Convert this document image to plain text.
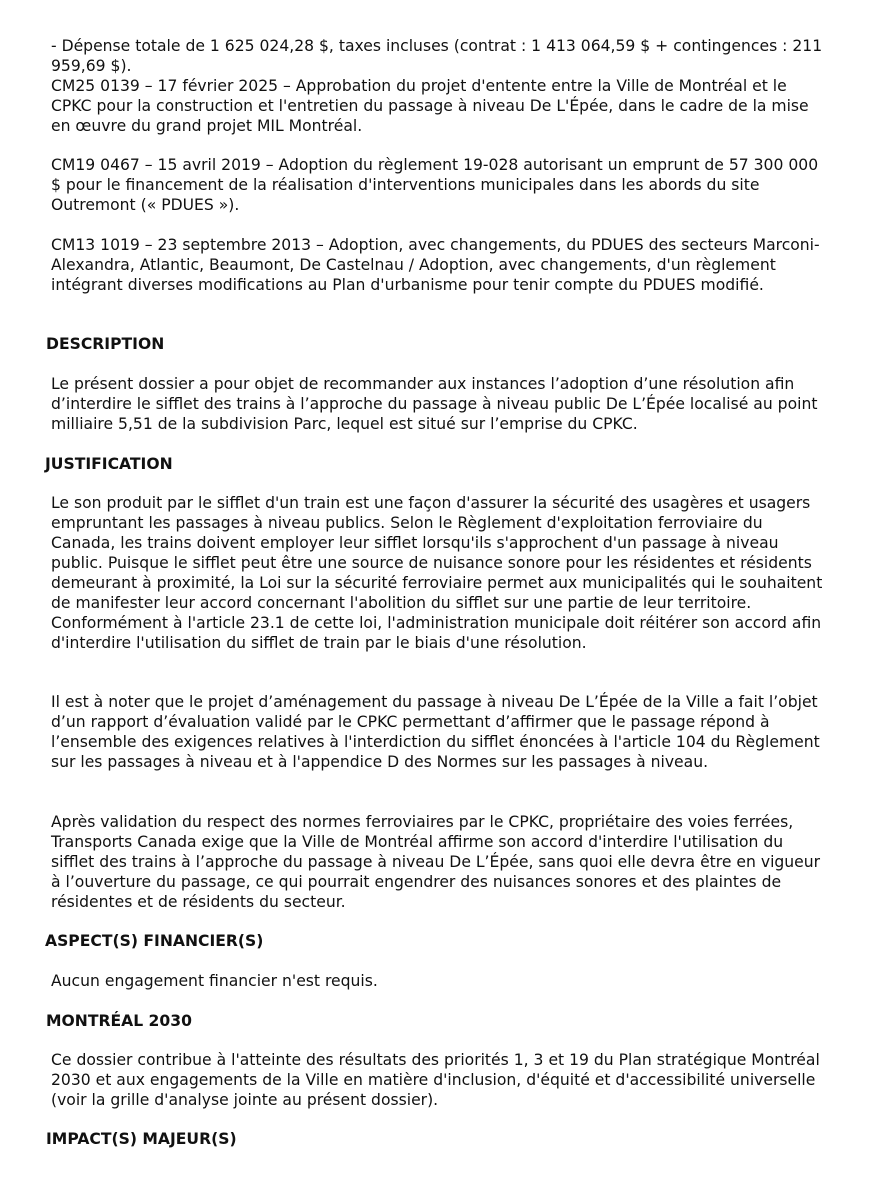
- Dépense totale de 1 625 024,28 $, taxes incluses (contrat : 1 413 064,59 $ + contingences : 211 959,69 $).

CM25 0139 – 17 février 2025 – Approbation du projet d'entente entre la Ville de Montréal et le CPKC pour la construction et l'entretien du passage à niveau De L'Épée, dans le cadre de la mise en œuvre du grand projet MIL Montréal.

CM19 0467 – 15 avril 2019 – Adoption du règlement 19-028 autorisant un emprunt de 57 300 000 $ pour le financement de la réalisation d'interventions municipales dans les abords du site Outremont (« PDUES »).

CM13 1019 – 23 septembre 2013 – Adoption, avec changements, du PDUES des secteurs Marconi-Alexandra, Atlantic, Beaumont, De Castelnau / Adoption, avec changements, d'un règlement intégrant diverses modifications au Plan d'urbanisme pour tenir compte du PDUES modifié.

DESCRIPTION

Le présent dossier a pour objet de recommander aux instances l’adoption d’une résolution afin d’interdire le sifflet des trains à l’approche du passage à niveau public De L’Épée localisé au point milliaire 5,51 de la subdivision Parc, lequel est situé sur l’emprise du CPKC.

JUSTIFICATION

Le son produit par le sifflet d'un train est une façon d'assurer la sécurité des usagères et usagers empruntant les passages à niveau publics. Selon le Règlement d'exploitation ferroviaire du Canada, les trains doivent employer leur sifflet lorsqu'ils s'approchent d'un passage à niveau public. Puisque le sifflet peut être une source de nuisance sonore pour les résidentes et résidents demeurant à proximité, la Loi sur la sécurité ferroviaire permet aux municipalités qui le souhaitent de manifester leur accord concernant l'abolition du sifflet sur une partie de leur territoire. Conformément à l'article 23.1 de cette loi, l'administration municipale doit réitérer son accord afin d'interdire l'utilisation du sifflet de train par le biais d'une résolution.

Il est à noter que le projet d’aménagement du passage à niveau De L’Épée de la Ville a fait l’objet d’un rapport d’évaluation validé par le CPKC permettant d’affirmer que le passage répond à l’ensemble des exigences relatives à l'interdiction du sifflet énoncées à l'article 104 du Règlement sur les passages à niveau et à l'appendice D des Normes sur les passages à niveau.

Après validation du respect des normes ferroviaires par le CPKC, propriétaire des voies ferrées, Transports Canada exige que la Ville de Montréal affirme son accord d'interdire l'utilisation du sifflet des trains à l’approche du passage à niveau De L’Épée, sans quoi elle devra être en vigueur à l’ouverture du passage, ce qui pourrait engendrer des nuisances sonores et des plaintes de résidentes et de résidents du secteur.

ASPECT(S) FINANCIER(S)

Aucun engagement financier n'est requis.

MONTRÉAL 2030

Ce dossier contribue à l'atteinte des résultats des priorités 1, 3 et 19 du Plan stratégique Montréal 2030 et aux engagements de la Ville en matière d'inclusion, d'équité et d'accessibilité universelle (voir la grille d'analyse jointe au présent dossier).

IMPACT(S) MAJEUR(S)
